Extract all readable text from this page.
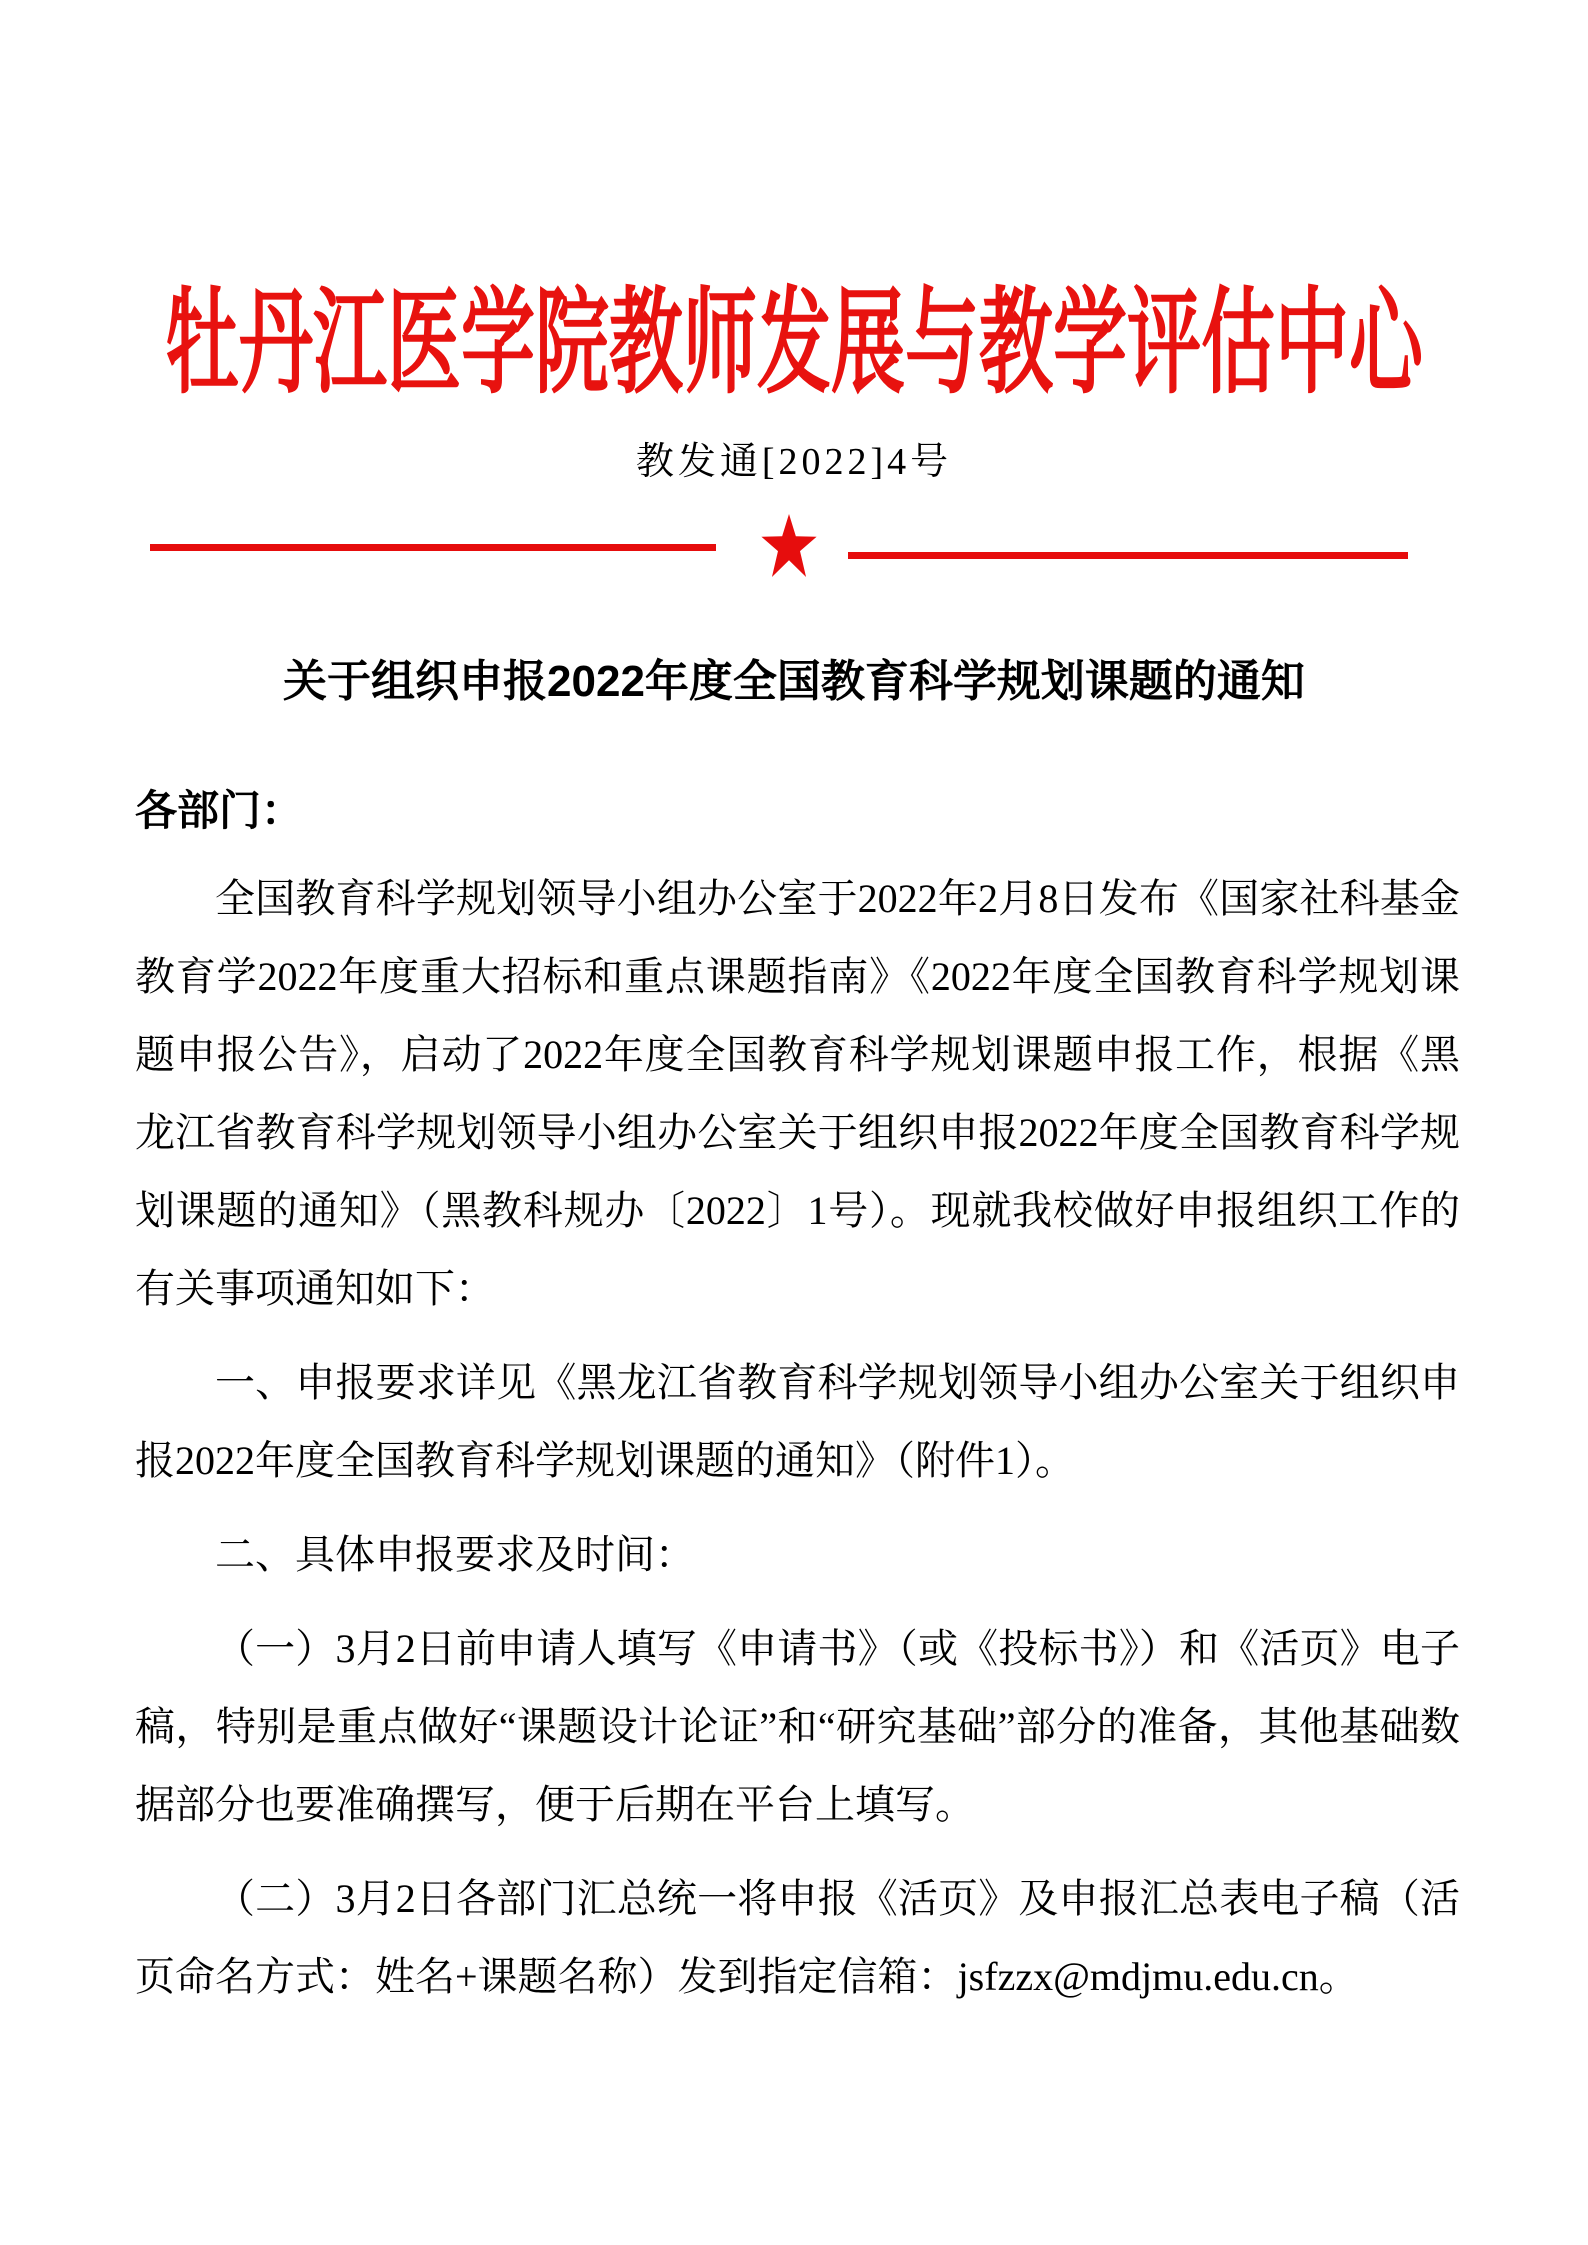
牡丹江医学院教师发展与教学评估中心
教发通[2022]4号
关于组织申报2022年度全国教育科学规划课题的通知

各部门：

全国教育科学规划领导小组办公室于2022年2月8日发布《国家社科基金教育学2022年度重大招标和重点课题指南》《2022年度全国教育科学规划课题申报公告》，启动了2022年度全国教育科学规划课题申报工作，根据《黑龙江省教育科学规划领导小组办公室关于组织申报2022年度全国教育科学规划课题的通知》（黑教科规办〔2022〕1号）。现就我校做好申报组织工作的有关事项通知如下：

一、申报要求详见《黑龙江省教育科学规划领导小组办公室关于组织申报2022年度全国教育科学规划课题的通知》（附件1）。

二、具体申报要求及时间：

（一）3月2日前申请人填写《申请书》（或《投标书》）和《活页》电子稿，特别是重点做好“课题设计论证”和“研究基础”部分的准备，其他基础数据部分也要准确撰写，便于后期在平台上填写。

（二）3月2日各部门汇总统一将申报《活页》及申报汇总表电子稿（活页命名方式：姓名+课题名称）发到指定信箱：jsfzzx@mdjmu.edu.cn。
